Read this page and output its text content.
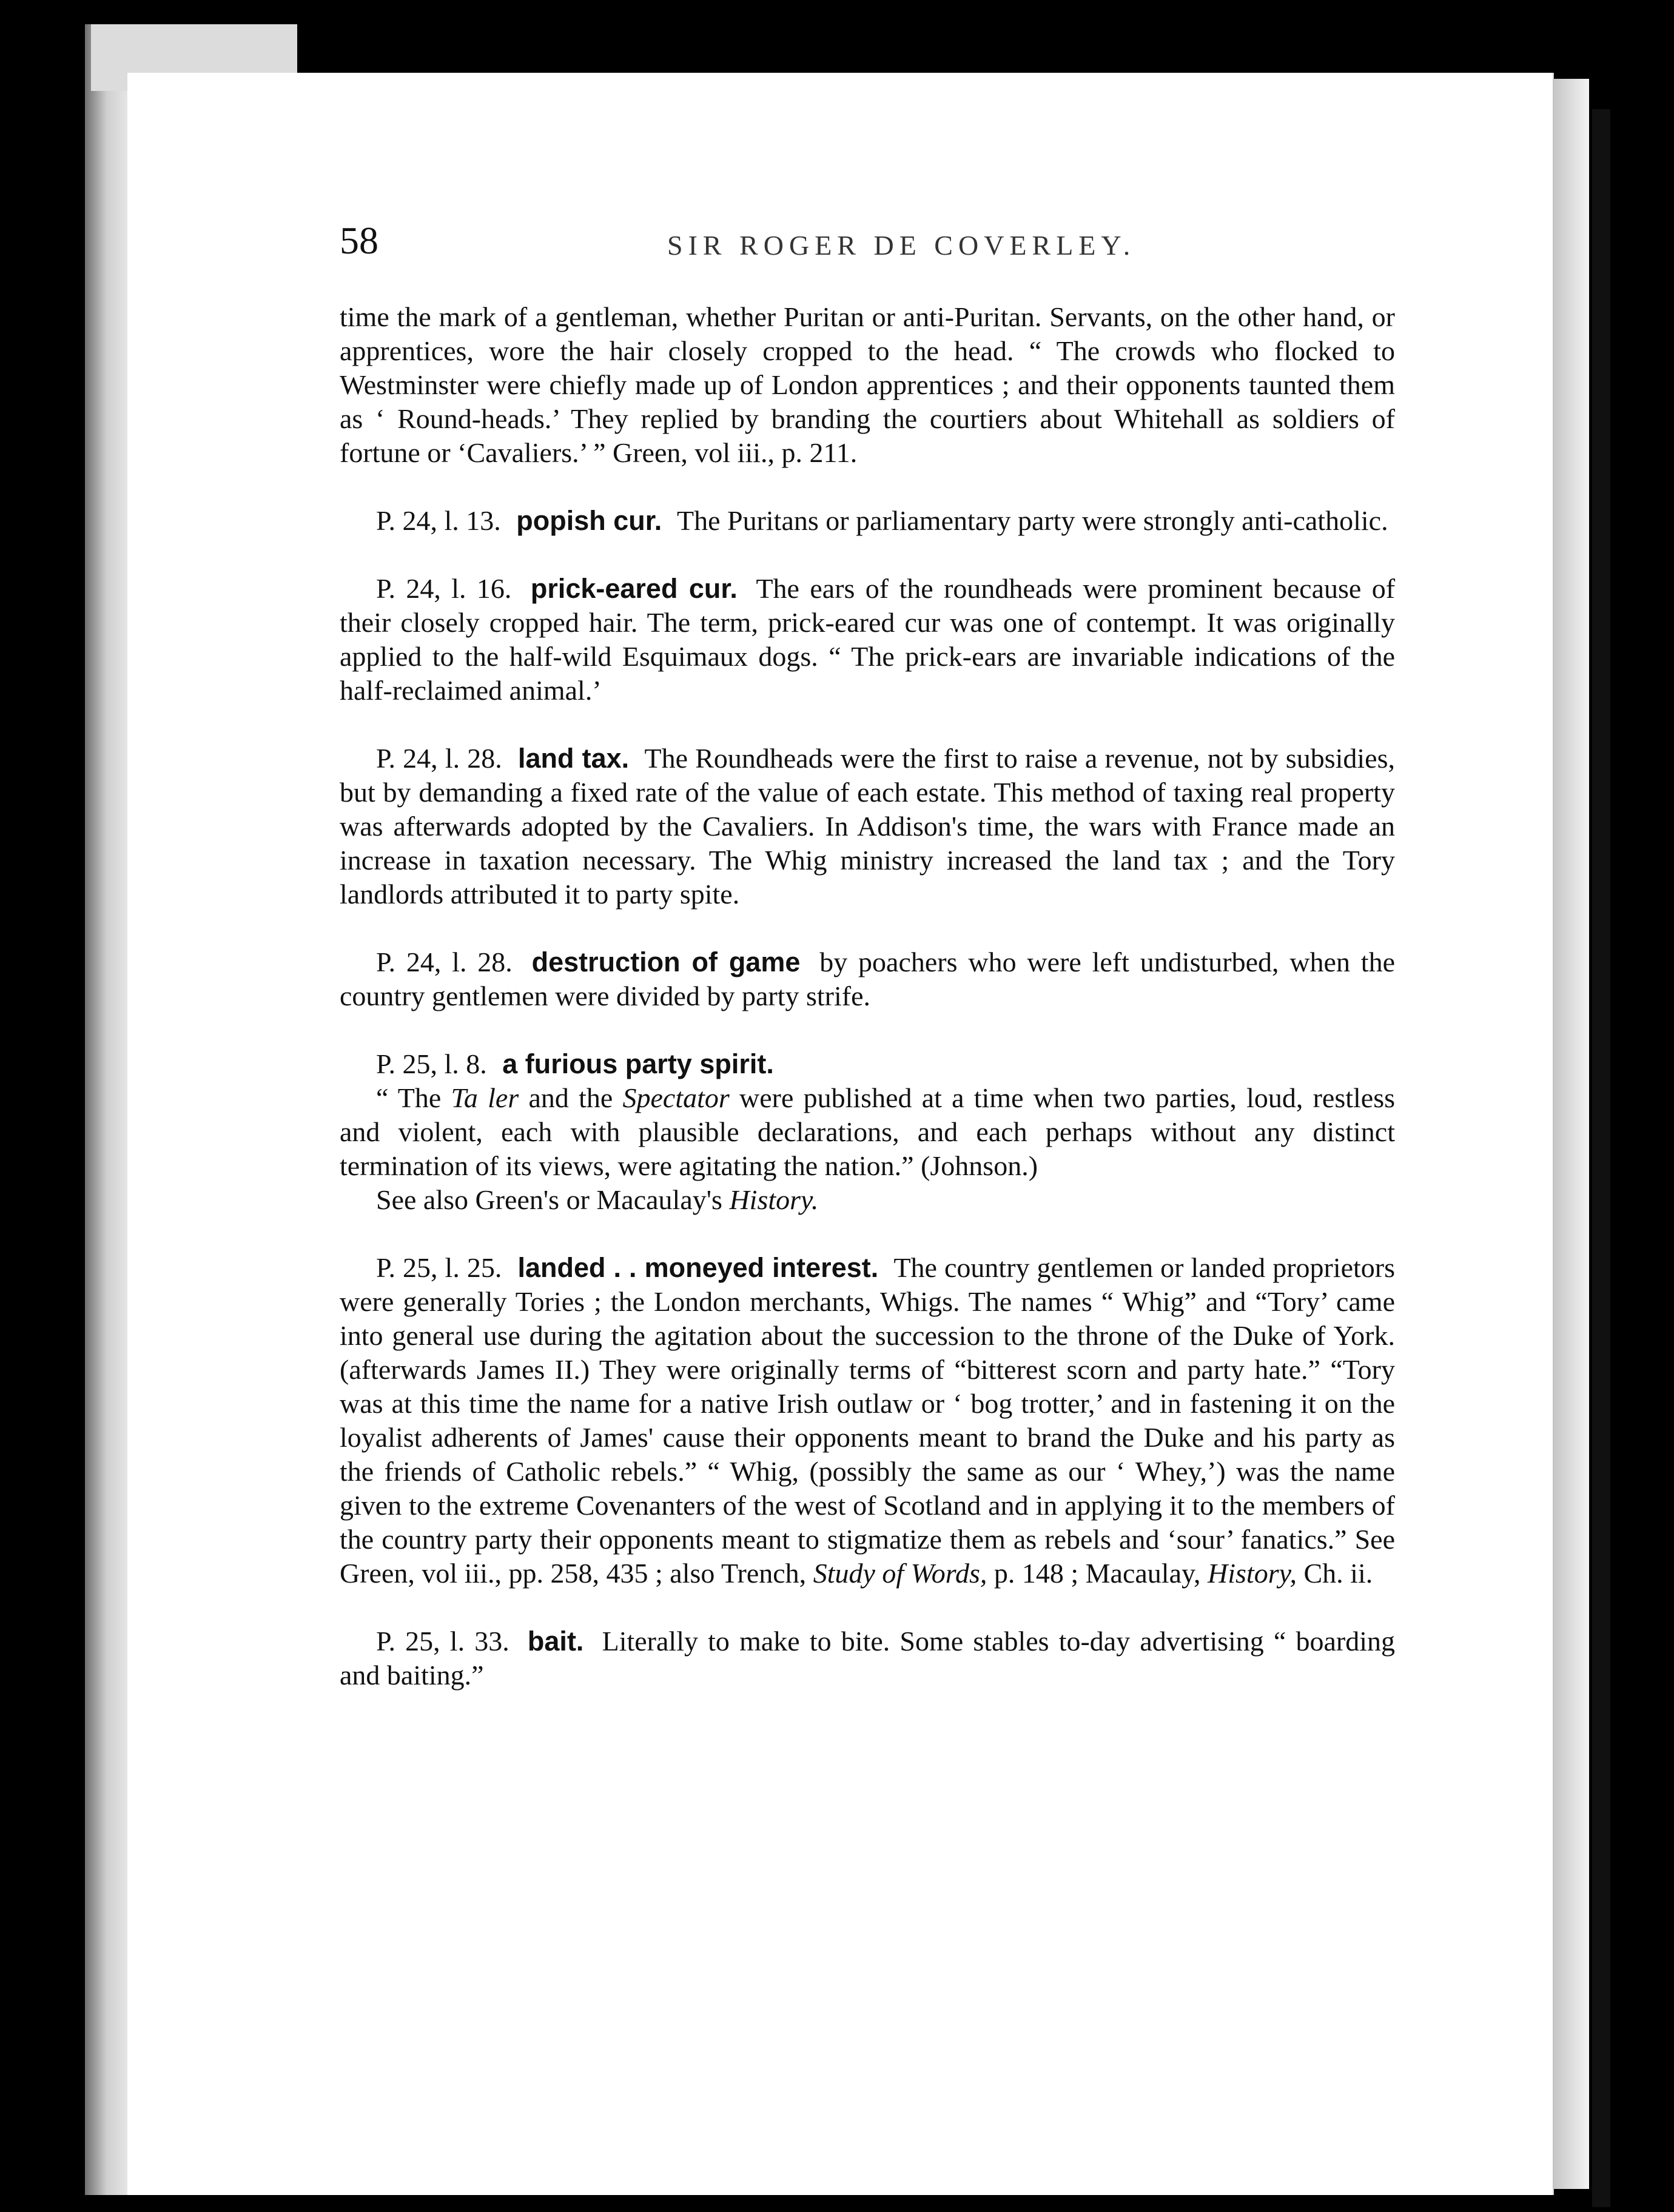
58	SIR ROGER DE COVERLEY.

time the mark of a gentleman, whether Puritan or anti-Puritan. Servants, on the other hand, or apprentices, wore the hair closely cropped to the head. “ The crowds who flocked to Westminster were chiefly made up of London apprentices ; and their opponents taunted them as ‘ Round-heads.’ They replied by branding the courtiers about Whitehall as soldiers of fortune or ‘Cavaliers.’ ” Green, vol iii., p. 211.

P. 24, l. 13. popish cur. The Puritans or parliamentary party were strongly anti-catholic.

P. 24, l. 16. prick-eared cur. The ears of the roundheads were prominent because of their closely cropped hair. The term, prick-eared cur was one of contempt. It was originally applied to the half-wild Esquimaux dogs. “ The prick-ears are invariable indications of the half-reclaimed animal.’

P. 24, l. 28. land tax. The Roundheads were the first to raise a revenue, not by subsidies, but by demanding a fixed rate of the value of each estate. This method of taxing real property was afterwards adopted by the Cavaliers. In Addison's time, the wars with France made an increase in taxation necessary. The Whig ministry increased the land tax ; and the Tory landlords attributed it to party spite.

P. 24, l. 28. destruction of game by poachers who were left undisturbed, when the country gentlemen were divided by party strife.

P. 25, l. 8. a furious party spirit.

“ The Ta ler and the Spectator were published at a time when two parties, loud, restless and violent, each with plausible declarations, and each perhaps without any distinct termination of its views, were agitating the nation.” (Johnson.)

See also Green's or Macaulay's History.

P. 25, l. 25. landed . . moneyed interest. The country gentlemen or landed proprietors were generally Tories ; the London merchants, Whigs. The names “ Whig” and “Tory’ came into general use during the agitation about the succession to the throne of the Duke of York. (afterwards James II.) They were originally terms of “bitterest scorn and party hate.” “Tory was at this time the name for a native Irish outlaw or ‘ bog trotter,’ and in fastening it on the loyalist adherents of James' cause their opponents meant to brand the Duke and his party as the friends of Catholic rebels.” “ Whig, (possibly the same as our ‘ Whey,’) was the name given to the extreme Covenanters of the west of Scotland and in applying it to the members of the country party their opponents meant to stigmatize them as rebels and ‘sour’ fanatics.” See Green, vol iii., pp. 258, 435 ; also Trench, Study of Words, p. 148 ; Macaulay, History, Ch. ii.

P. 25, l. 33. bait. Literally to make to bite. Some stables to-day advertising “ boarding and baiting.”
